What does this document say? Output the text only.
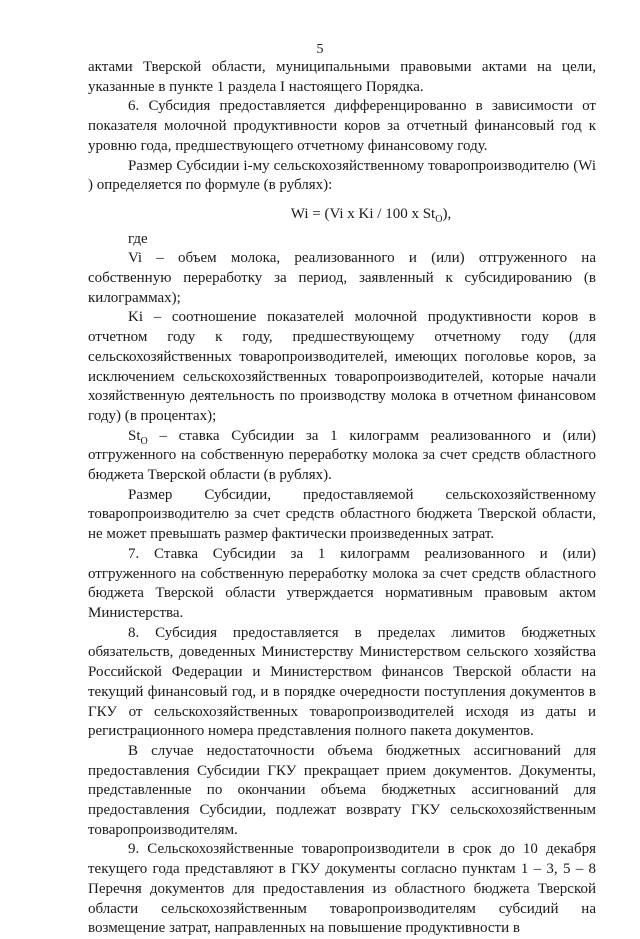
5

актами Тверской области, муниципальными правовыми актами на цели, указанные в пункте 1 раздела I настоящего Порядка.

6. Субсидия предоставляется дифференцированно в зависимости от показателя молочной продуктивности коров за отчетный финансовый год к уровню года, предшествующего отчетному финансовому году.

Размер Субсидии i-му сельскохозяйственному товаропроизводителю (Wi ) определяется по формуле (в рублях):

Wi = (Vi x Ki / 100 x $St_O$),

где

Vi – объем молока, реализованного и (или) отгруженного на собственную переработку за период, заявленный к субсидированию (в килограммах);

Ki – соотношение показателей молочной продуктивности коров в отчетном году к году, предшествующему отчетному году (для сельскохозяйственных товаропроизводителей, имеющих поголовье коров, за исключением сельскохозяйственных товаропроизводителей, которые начали хозяйственную деятельность по производству молока в отчетном финансовом году) (в процентах);

$St_O$ – ставка Субсидии за 1 килограмм реализованного и (или) отгруженного на собственную переработку молока за счет средств областного бюджета Тверской области (в рублях).

Размер Субсидии, предоставляемой сельскохозяйственному товаропроизводителю за счет средств областного бюджета Тверской области, не может превышать размер фактически произведенных затрат.

7. Ставка Субсидии за 1 килограмм реализованного и (или) отгруженного на собственную переработку молока за счет средств областного бюджета Тверской области утверждается нормативным правовым актом Министерства.

8. Субсидия предоставляется в пределах лимитов бюджетных обязательств, доведенных Министерству Министерством сельского хозяйства Российской Федерации и Министерством финансов Тверской области на текущий финансовый год, и в порядке очередности поступления документов в ГКУ от сельскохозяйственных товаропроизводителей исходя из даты и регистрационного номера представления полного пакета документов.

В случае недостаточности объема бюджетных ассигнований для предоставления Субсидии ГКУ прекращает прием документов. Документы, представленные по окончании объема бюджетных ассигнований для предоставления Субсидии, подлежат возврату ГКУ сельскохозяйственным товаропроизводителям.

9. Сельскохозяйственные товаропроизводители в срок до 10 декабря текущего года представляют в ГКУ документы согласно пунктам 1 – 3, 5 – 8 Перечня документов для предоставления из областного бюджета Тверской области сельскохозяйственным товаропроизводителям субсидий на возмещение затрат, направленных на повышение продуктивности в
